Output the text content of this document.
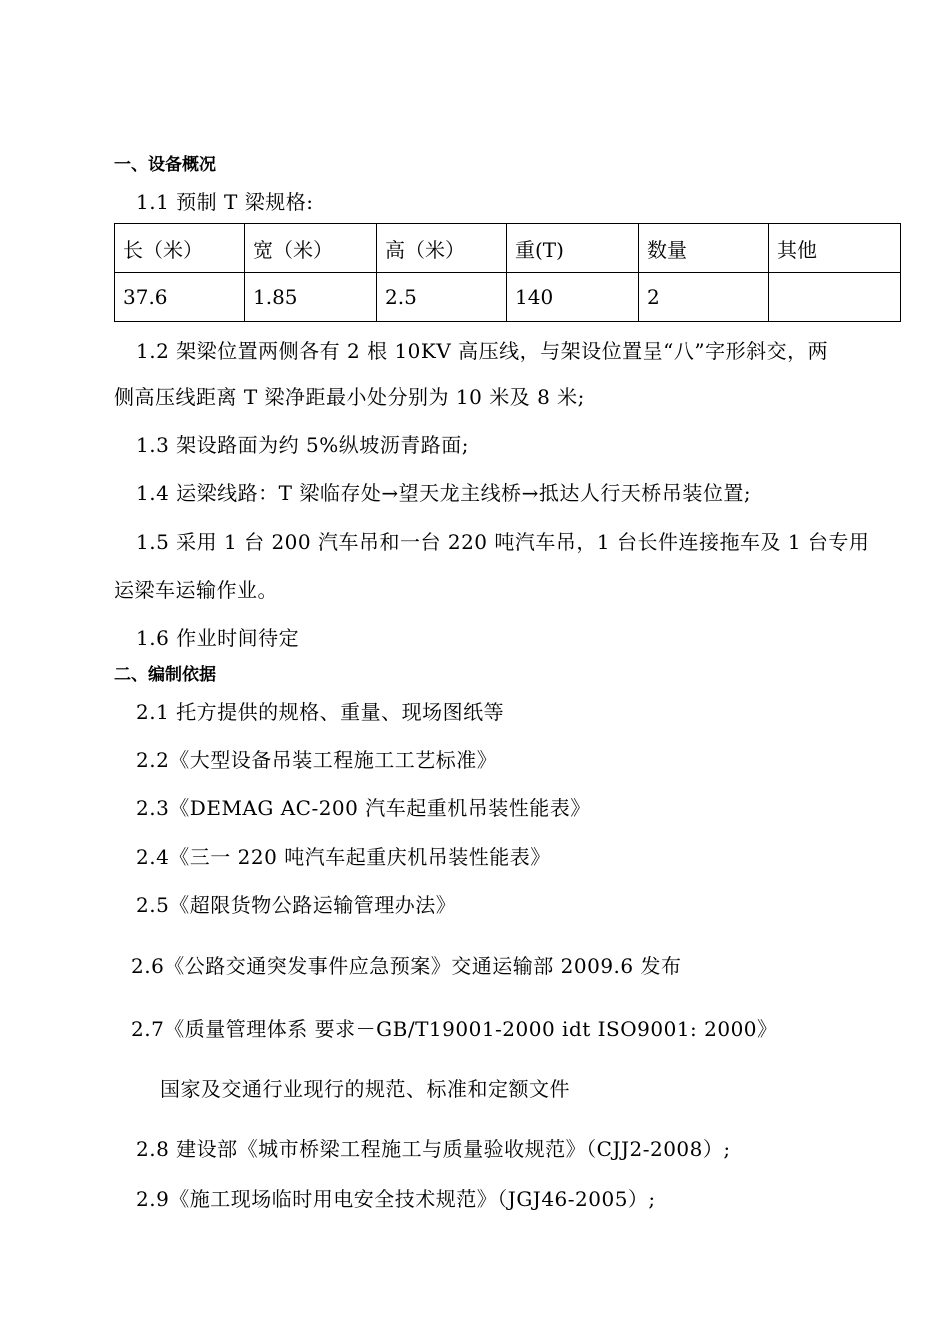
一、设备概况
1.1 预制 T 梁规格:
长（米）	宽（米）	高（米）	重(T)	数量	其他
37.6	1.85	2.5	140	2	
1.2 架梁位置两侧各有 2 根 10KV 高压线，与架设位置呈“八”字形斜交，两
侧高压线距离 T 梁净距最小处分别为 10 米及 8 米;
1.3 架设路面为约 5%纵坡沥青路面;
1.4 运梁线路：T 梁临存处→望天龙主线桥→抵达人行天桥吊装位置;
1.5 采用 1 台 200 汽车吊和一台 220 吨汽车吊，1 台长件连接拖车及 1 台专用
运梁车运输作业。
1.6 作业时间待定
二、编制依据
2.1 托方提供的规格、重量、现场图纸等
2.2《大型设备吊装工程施工工艺标准》
2.3《DEMAG AC-200 汽车起重机吊装性能表》
2.4《三一 220 吨汽车起重庆机吊装性能表》
2.5《超限货物公路运输管理办法》
2.6《公路交通突发事件应急预案》交通运输部 2009.6 发布
2.7《质量管理体系 要求－GB/T19001-2000 idt ISO9001: 2000》
国家及交通行业现行的规范、标准和定额文件
2.8 建设部《城市桥梁工程施工与质量验收规范》（CJJ2-2008）;
2.9《施工现场临时用电安全技术规范》（JGJ46-2005）;
